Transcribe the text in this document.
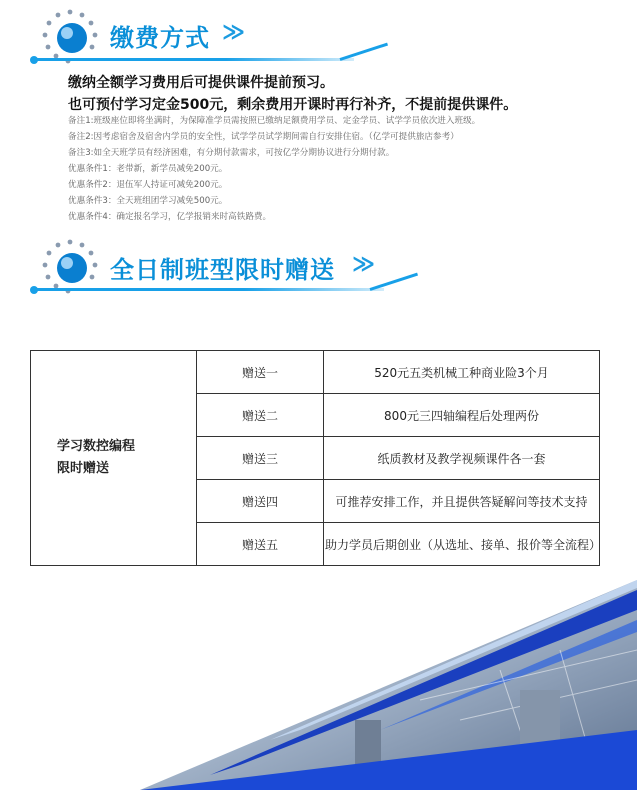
缴费方式 ≫
缴纳全额学习费用后可提供课件提前预习。
也可预付学习定金500元，剩余费用开课时再行补齐，不提前提供课件。
备注1:班级座位即将坐满时，为保障准学员需按照已缴纳足额费用学员、定金学员、试学学员依次进入班级。
备注2:因考虑宿舍及宿舍内学员的安全性，试学学员试学期间需自行安排住宿。（亿学可提供旅店参考）
备注3:如全天班学员有经济困难，有分期付款需求，可按亿学分期协议进行分期付款。
优惠条件1：老带新，新学员减免200元。
优惠条件2：退伍军人持证可减免200元。
优惠条件3：全天班组团学习减免500元。
优惠条件4：确定报名学习，亿学报销来时高铁路费。
全日制班型限时赠送 ≫
学习数控编程
限时赠送	赠送一	520元五类机械工种商业险3个月
	赠送二	800元三四轴编程后处理两份
	赠送三	纸质教材及教学视频课件各一套
	赠送四	可推荐安排工作，并且提供答疑解问等技术支持
	赠送五	助力学员后期创业（从选址、接单、报价等全流程）
